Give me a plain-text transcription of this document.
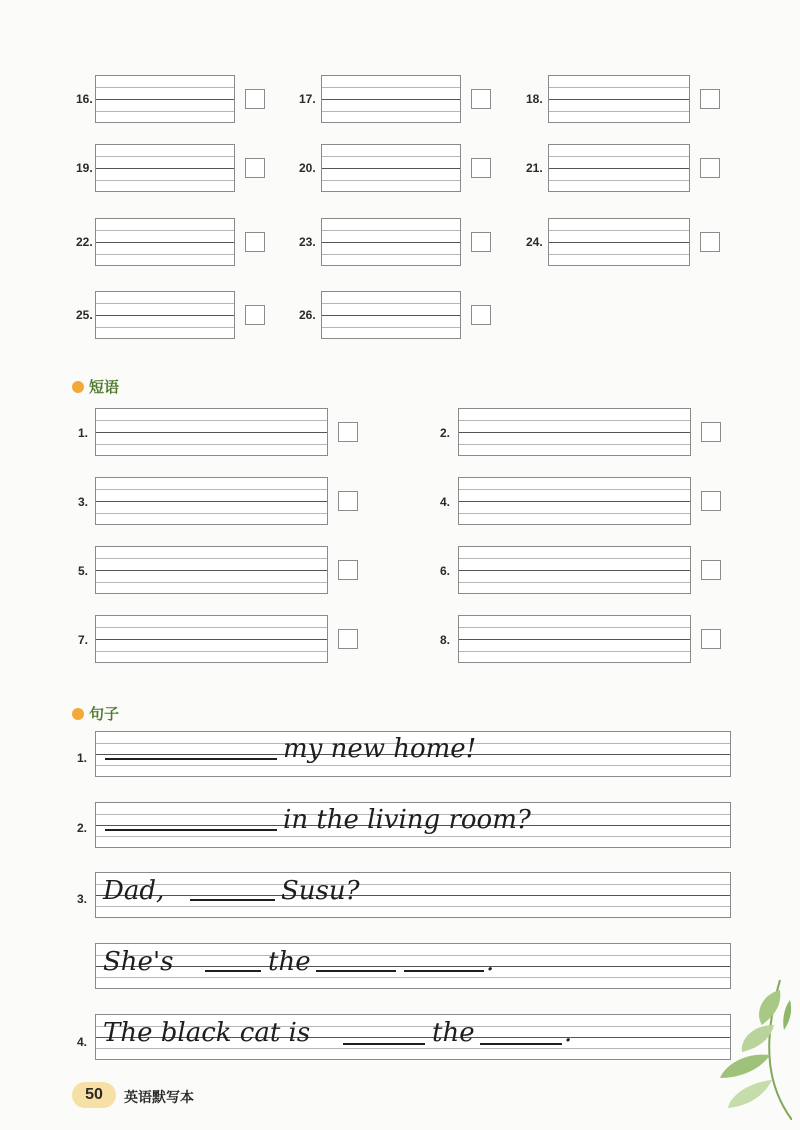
16.	17.	18.
19.	20.	21.
22.	23.	24.
25.	26.
短语
1.	2.
3.	4.
5.	6.
7.	8.
句子
1.	my new home!
2.	in the living room?
3. Dad,	Susu?
She's	the	.
4. The black cat is	the	.
50	英语默写本
